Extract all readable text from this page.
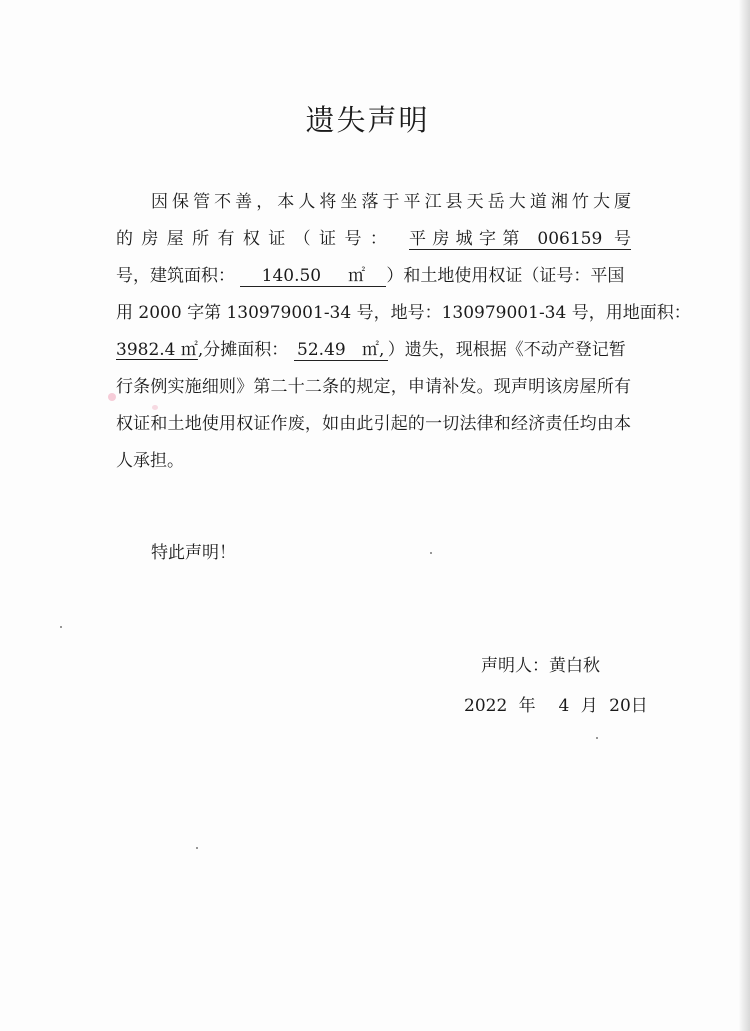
遗失声明
因保管不善，本人将坐落于平江县天岳大道湘竹大厦
的房屋所有权证（证号： 平房城字第 006159 号
号，建筑面积： 140.50 ㎡ ）和土地使用权证（证号：平国
用 2000 字第 130979001-34 号，地号：130979001-34 号，用地面积：
3982.4 ㎡,分摊面积： 52.49 ㎡, ）遗失，现根据《不动产登记暂
行条例实施细则》第二十二条的规定，申请补发。现声明该房屋所有
权证和土地使用权证作废，如由此引起的一切法律和经济责任均由本
人承担。
特此声明！
声明人：黄白秋
2022 年 4 月 20日
